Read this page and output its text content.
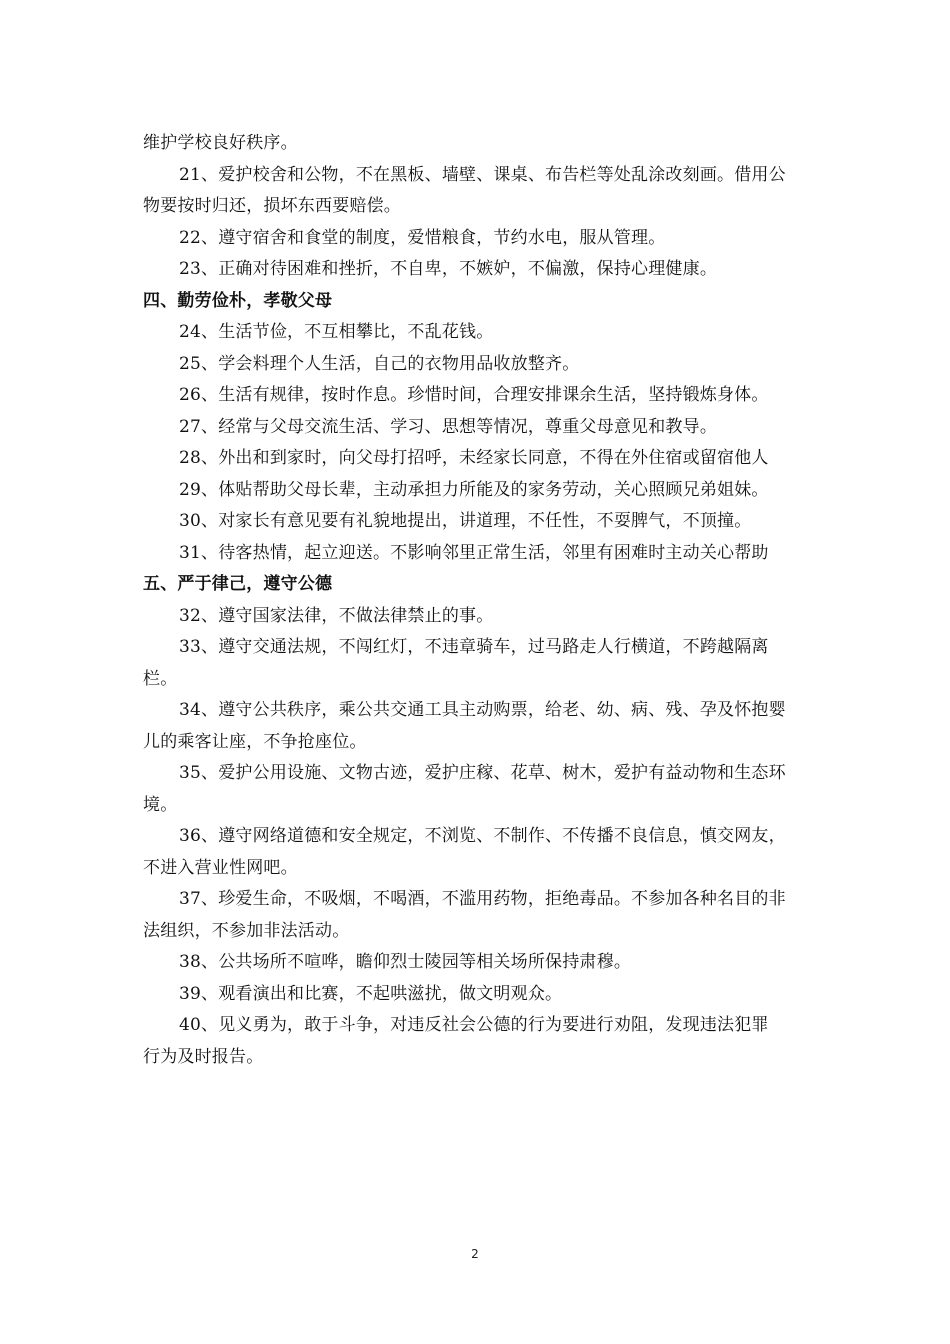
维护学校良好秩序。
21、爱护校舍和公物，不在黑板、墙壁、课桌、布告栏等处乱涂改刻画。借用公
物要按时归还，损坏东西要赔偿。
22、遵守宿舍和食堂的制度，爱惜粮食，节约水电，服从管理。
23、正确对待困难和挫折，不自卑，不嫉妒，不偏激，保持心理健康。
四、勤劳俭朴，孝敬父母
24、生活节俭，不互相攀比，不乱花钱。
25、学会料理个人生活，自己的衣物用品收放整齐。
26、生活有规律，按时作息。珍惜时间，合理安排课余生活，坚持锻炼身体。
27、经常与父母交流生活、学习、思想等情况，尊重父母意见和教导。
28、外出和到家时，向父母打招呼，未经家长同意，不得在外住宿或留宿他人
29、体贴帮助父母长辈，主动承担力所能及的家务劳动，关心照顾兄弟姐妹。
30、对家长有意见要有礼貌地提出，讲道理，不任性，不耍脾气，不顶撞。
31、待客热情，起立迎送。不影响邻里正常生活，邻里有困难时主动关心帮助
五、严于律己，遵守公德
32、遵守国家法律，不做法律禁止的事。
33、遵守交通法规，不闯红灯，不违章骑车，过马路走人行横道，不跨越隔离
栏。
34、遵守公共秩序，乘公共交通工具主动购票，给老、幼、病、残、孕及怀抱婴
儿的乘客让座，不争抢座位。
35、爱护公用设施、文物古迹，爱护庄稼、花草、树木，爱护有益动物和生态环
境。
36、遵守网络道德和安全规定，不浏览、不制作、不传播不良信息，慎交网友，
不进入营业性网吧。
37、珍爱生命，不吸烟，不喝酒，不滥用药物，拒绝毒品。不参加各种名目的非
法组织，不参加非法活动。
38、公共场所不喧哗，瞻仰烈士陵园等相关场所保持肃穆。
39、观看演出和比赛，不起哄滋扰，做文明观众。
40、见义勇为，敢于斗争，对违反社会公德的行为要进行劝阻，发现违法犯罪
行为及时报告。
2
